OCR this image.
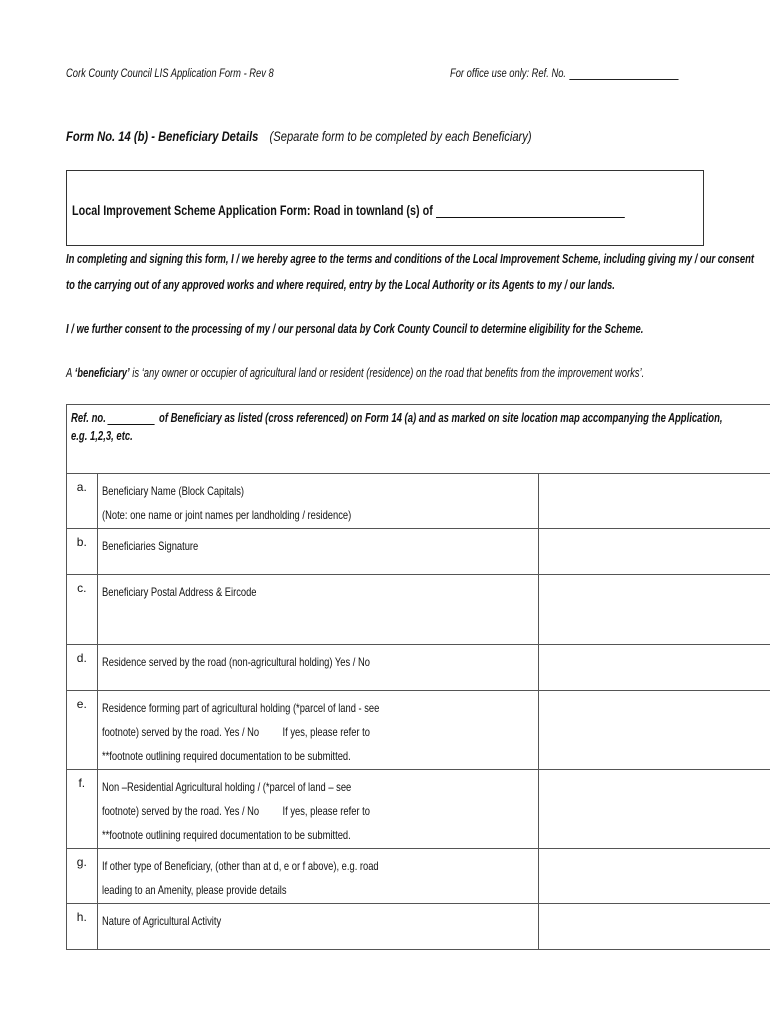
Cork County Council LIS Application Form - Rev 8	For office use only: Ref. No.
Form No. 14 (b) - Beneficiary Details (Separate form to be completed by each Beneficiary)
Local Improvement Scheme Application Form: Road in townland (s) of
In completing and signing this form, I / we hereby agree to the terms and conditions of the Local Improvement Scheme, including giving my / our consent
to the carrying out of any approved works and where required, entry by the Local Authority or its Agents to my / our lands.
I / we further consent to the processing of my / our personal data by Cork County Council to determine eligibility for the Scheme.
A ‘beneficiary’ is ‘any owner or occupier of agricultural land or resident (residence) on the road that benefits from the improvement works’.
Ref. no. of Beneficiary as listed (cross referenced) on Form 14 (a) and as marked on site location map accompanying the Application,
e.g. 1,2,3, etc.		

a.	Beneficiary Name (Block Capitals)
(Note: one name or joint names per landholding / residence)	

b.	Beneficiaries Signature	

c.	Beneficiary Postal Address & Eircode	

d.	Residence served by the road (non-agricultural holding) Yes / No	

e.	Residence forming part of agricultural holding (*parcel of land - see
footnote) served by the road. Yes / No         If yes, please refer to
**footnote outlining required documentation to be submitted.	

f.	Non –Residential Agricultural holding / (*parcel of land – see
footnote) served by the road. Yes / No         If yes, please refer to
**footnote outlining required documentation to be submitted.	

g.	If other type of Beneficiary, (other than at d, e or f above), e.g. road
leading to an Amenity, please provide details	

h.	Nature of Agricultural Activity	
